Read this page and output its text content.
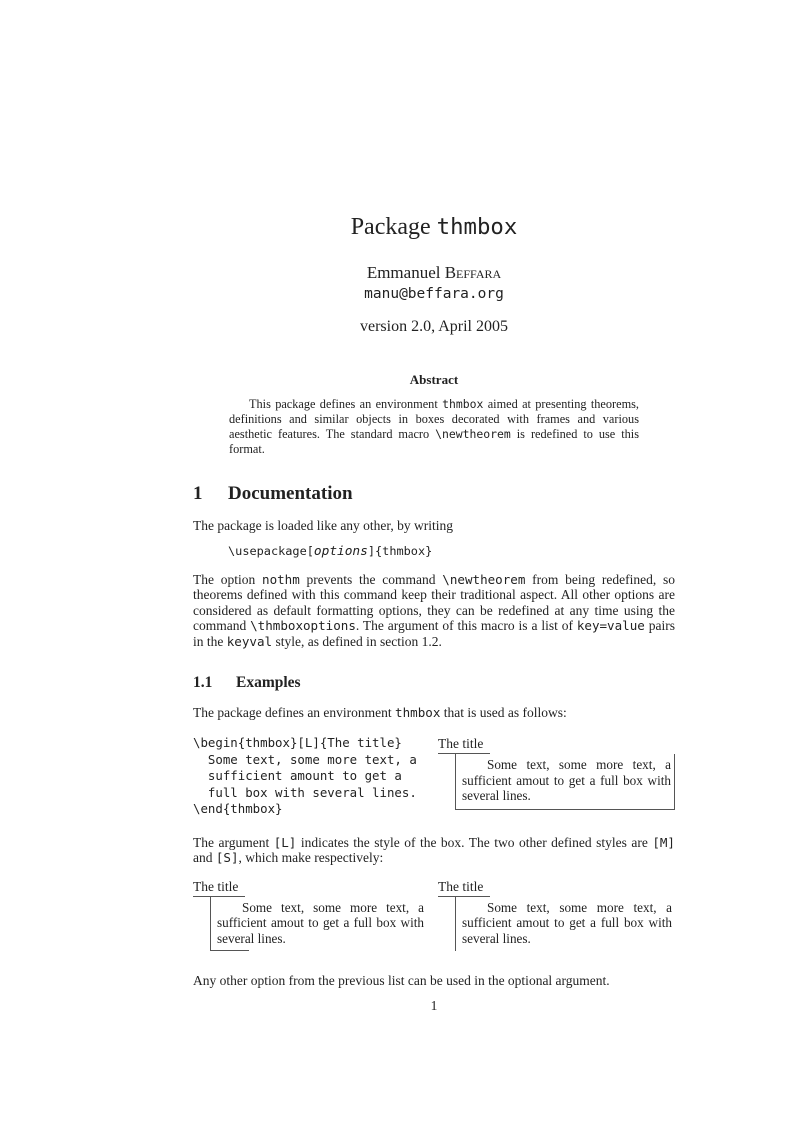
Package thmbox
Emmanuel Beffara
manu@beffara.org
version 2.0, April 2005
Abstract
This package defines an environment thmbox aimed at presenting theorems, definitions and similar objects in boxes decorated with frames and various aesthetic features. The standard macro \newtheorem is redefined to use this format.
1 Documentation
The package is loaded like any other, by writing
\usepackage[options]{thmbox}
The option nothm prevents the command \newtheorem from being redefined, so theorems defined with this command keep their traditional aspect. All other options are considered as default formatting options, they can be redefined at any time using the command \thmboxoptions. The argument of this macro is a list of key=value pairs in the keyval style, as defined in section 1.2.
1.1 Examples
The package defines an environment thmbox that is used as follows:
\begin{thmbox}[L]{The title}
Some text, some more text, a
sufficient amount to get a
full box with several lines.
\end{thmbox}
The title
Some text, some more text, a sufficient amout to get a full box with several lines.
The argument [L] indicates the style of the box. The two other defined styles are [M] and [S], which make respectively:
The title
Some text, some more text, a sufficient amout to get a full box with several lines.
The title
Some text, some more text, a sufficient amout to get a full box with several lines.
Any other option from the previous list can be used in the optional argument.
1
